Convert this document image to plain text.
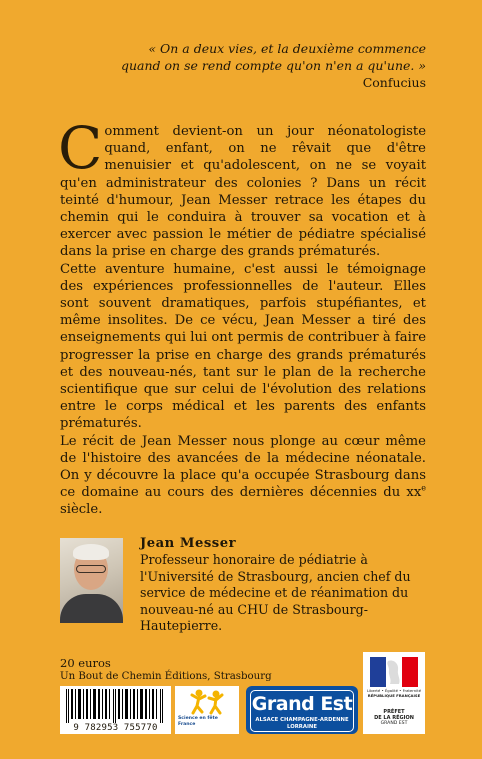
« On a deux vies, et la deuxième commence quand on se rend compte qu'on n'en a qu'une. »
Confucius

Comment devient-on un jour néonatologiste quand, enfant, on ne rêvait que d'être menuisier et qu'adolescent, on ne se voyait qu'en administrateur des colonies ? Dans un récit teinté d'humour, Jean Messer retrace les étapes du chemin qui le conduira à trouver sa vocation et à exercer avec passion le métier de pédiatre spécialisé dans la prise en charge des grands prématurés.

Cette aventure humaine, c'est aussi le témoignage des expériences professionnelles de l'auteur. Elles sont souvent dramatiques, parfois stupéfiantes, et même insolites. De ce vécu, Jean Messer a tiré des enseignements qui lui ont permis de contribuer à faire progresser la prise en charge des grands prématurés et des nouveau-nés, tant sur le plan de la recherche scientifique que sur celui de l'évolution des relations entre le corps médical et les parents des enfants prématurés.

Le récit de Jean Messer nous plonge au cœur même de l'histoire des avancées de la médecine néonatale. On y découvre la place qu'a occupée Strasbourg dans ce domaine au cours des dernières décennies du $xx^e$ siècle.

Jean Messer

Professeur honoraire de pédiatrie à l'Université de Strasbourg, ancien chef du service de médecine et de réanimation du nouveau-né au CHU de Strasbourg-Hautepierre.

20 euros
Un Bout de Chemin Éditions, Strasbourg
9 782953 755770
Science en fête France
Grand Est
ALSACE CHAMPAGNE-ARDENNE LORRAINE
Liberté • Égalité • Fraternité
RÉPUBLIQUE FRANÇAISE
PRÉFET
DE LA RÉGION
GRAND EST
